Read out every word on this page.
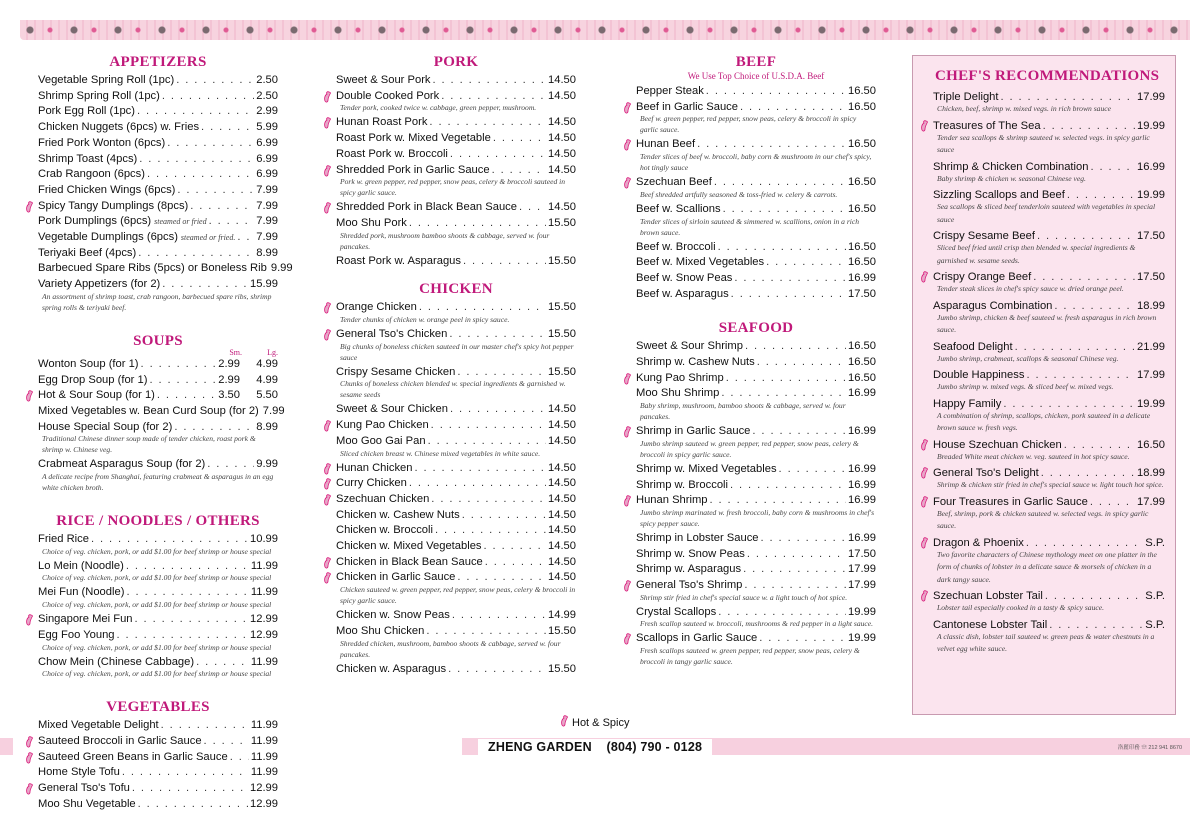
APPETIZERS
Vegetable Spring Roll (1pc) . . .	2.50
Shrimp Spring Roll (1pc) . . .	2.50
Pork Egg Roll (1pc) . . .	2.99
Chicken Nuggets (6pcs) w. Fries . . .	5.99
Fried Pork Wonton (6pcs) . . .	6.99
Shrimp Toast (4pcs) . . .	6.99
Crab Rangoon (6pcs) . . .	6.99
Fried Chicken Wings (6pcs) . . .	7.99
Spicy Tangy Dumplings (8pcs) . . .	7.99
Pork Dumplings (6pcs) steamed or fried . . .	7.99
Vegetable Dumplings (6pcs) steamed or fried. . . . 7.99
Teriyaki Beef (4pcs) . . .	8.99
Barbecued Spare Ribs (5pcs) or Boneless Rib 9.99
Variety Appetizers (for 2) . . .	15.99
An assortment of shrimp toast, crab rangoon, barbecued spare ribs, shrimp spring rolls & teriyaki beef.
SOUPS
Sm.	Lg.
Wonton Soup (for 1) . . .	2.99	4.99
Egg Drop Soup (for 1) . . .	2.99	4.99
Hot & Sour Soup (for 1) . . .	3.50	5.50
Mixed Vegetables w. Bean Curd Soup (for 2) 7.99
House Special Soup (for 2) . . .	8.99
Traditional Chinese dinner soup made of tender chicken, roast pork & shrimp w. Chinese veg.
Crabmeat Asparagus Soup (for 2) . . .	9.99
A delicate recipe from Shanghai, featuring crabmeat & asparagus in an egg white chicken broth.
RICE / NOODLES / OTHERS
Fried Rice . . .	10.99
Choice of veg. chicken, pork, or add $1.00 for beef shrimp or house special
Lo Mein (Noodle) . . .	11.99
Choice of veg. chicken, pork, or add $1.00 for beef shrimp or house special
Mei Fun (Noodle) . . .	11.99
Choice of veg. chicken, pork, or add $1.00 for beef shrimp or house special
Singapore Mei Fun . . .	12.99
Egg Foo Young . . .	12.99
Choice of veg. chicken, pork, or add $1.00 for beef shrimp or house special
Chow Mein (Chinese Cabbage) . . .	11.99
Choice of veg. chicken, pork, or add $1.00 for beef shrimp or house special
VEGETABLES
Mixed Vegetable Delight . . .	11.99
Sauteed Broccoli in Garlic Sauce . . .	11.99
Sauteed Green Beans in Garlic Sauce . . . 11.99
Home Style Tofu . . .	11.99
General Tso's Tofu . . .	12.99
Moo Shu Vegetable . . .	12.99
PORK
Sweet & Sour Pork . . .	14.50
Double Cooked Pork . . .	14.50
Tender pork, cooked twice w. cabbage, green pepper, mushroom.
Hunan Roast Pork . . .	14.50
Roast Pork w. Mixed Vegetable . . .	14.50
Roast Pork w. Broccoli . . .	14.50
Shredded Pork in Garlic Sauce . . .	14.50
Pork w. green pepper, red pepper, snow peas, celery & broccoli sauteed in spicy garlic sauce.
Shredded Pork in Black Bean Sauce . . .	14.50
Moo Shu Pork . . .	15.50
Shredded pork, mushroom bamboo shoots & cabbage, served w. four pancakes.
Roast Pork w. Asparagus . . .	15.50
CHICKEN
Orange Chicken . . .	15.50
Tender chunks of chicken w. orange peel in spicy sauce.
General Tso's Chicken . . .	15.50
Big chunks of boneless chicken sauteed in our master chef's spicy hot pepper sauce
Crispy Sesame Chicken . . .	15.50
Chunks of boneless chicken blended w. special ingredients & garnished w. sesame seeds
Sweet & Sour Chicken . . .	14.50
Kung Pao Chicken . . .	14.50
Moo Goo Gai Pan . . .	14.50
Sliced chicken breast w. Chinese mixed vegetables in white sauce.
Hunan Chicken . . .	14.50
Curry Chicken . . .	14.50
Szechuan Chicken . . .	14.50
Chicken w. Cashew Nuts . . .	14.50
Chicken w. Broccoli . . .	14.50
Chicken w. Mixed Vegetables . . .	14.50
Chicken in Black Bean Sauce . . .	14.50
Chicken in Garlic Sauce . . .	14.50
Chicken sauteed w. green pepper, red pepper, snow peas, celery & broccoli in spicy garlic sauce.
Chicken w. Snow Peas . . .	14.99
Moo Shu Chicken . . .	15.50
Shredded chicken, mushroom, bamboo shoots & cabbage, served w. four pancakes.
Chicken w. Asparagus . . .	15.50
BEEF
We Use Top Choice of U.S.D.A. Beef
Pepper Steak . . .	16.50
Beef in Garlic Sauce . . .	16.50
Beef w. green pepper, red pepper, snow peas, celery & broccoli in spicy garlic sauce.
Hunan Beef . . .	16.50
Tender slices of beef w. broccoli, baby corn & mushroom in our chef's spicy, hot tingly sauce
Szechuan Beef . . .	16.50
Beef shredded artfully seasoned & toss-fried w. celery & carrots.
Beef w. Scallions . . .	16.50
Tender slices of sirloin sauteed & simmered w. scallions, onion in a rich brown sauce.
Beef w. Broccoli . . .	16.50
Beef w. Mixed Vegetables . . .	16.50
Beef w. Snow Peas . . .	16.99
Beef w. Asparagus . . .	17.50
SEAFOOD
Sweet & Sour Shrimp . . .	16.50
Shrimp w. Cashew Nuts . . .	16.50
Kung Pao Shrimp . . .	16.50
Moo Shu Shrimp . . .	16.99
Baby shrimp, mushroom, bamboo shoots & cabbage, served w. four pancakes.
Shrimp in Garlic Sauce . . .	16.99
Jumbo shrimp sauteed w. green pepper, red pepper, snow peas, celery & broccoli in spicy garlic sauce.
Shrimp w. Mixed Vegetables . . .	16.99
Shrimp w. Broccoli . . .	16.99
Hunan Shrimp . . .	16.99
Jumbo shrimp marinated w. fresh broccoli, baby corn & mushrooms in chef's spicy pepper sauce.
Shrimp in Lobster Sauce . . .	16.99
Shrimp w. Snow Peas . . .	17.50
Shrimp w. Asparagus . . .	17.99
General Tso's Shrimp . . .	17.99
Shrimp stir fried in chef's special sauce w. a light touch of hot spice.
Crystal Scallops . . .	19.99
Fresh scallop sauteed w. broccoli, mushrooms & red pepper in a light sauce.
Scallops in Garlic Sauce . . .	19.99
Fresh scallops sauteed w. green pepper, red pepper, snow peas, celery & broccoli in tangy garlic sauce.
CHEF'S RECOMMENDATIONS
Triple Delight . . .	17.99
Chicken, beef, shrimp w. mixed vegs. in rich brown sauce
Treasures of The Sea . . .	19.99
Tender sea scallops & shrimp sauteed w. selected vegs. in spicy garlic sauce
Shrimp & Chicken Combination . . .	16.99
Baby shrimp & chicken w. seasonal Chinese veg.
Sizzling Scallops and Beef . . .	19.99
Sea scallops & sliced beef tenderloin sauteed with vegetables in special sauce
Crispy Sesame Beef . . .	17.50
Sliced beef fried until crisp then blended w. special ingredients & garnished w. sesame seeds.
Crispy Orange Beef . . .	17.50
Tender steak slices in chef's spicy sauce w. dried orange peel.
Asparagus Combination . . .	18.99
Jumbo shrimp, chicken & beef sauteed w. fresh asparagus in rich brown sauce.
Seafood Delight . . .	21.99
Jumbo shrimp, crabmeat, scallops & seasonal Chinese veg.
Double Happiness . . .	17.99
Jumbo shrimp w. mixed vegs. & sliced beef w. mixed vegs.
Happy Family . . .	19.99
A combination of shrimp, scallops, chicken, pork sauteed in a delicate brown sauce w. fresh vegs.
House Szechuan Chicken . . .	16.50
Breaded White meat chicken w. veg. sauteed in hot spicy sauce.
General Tso's Delight . . .	18.99
Shrimp & chicken stir fried in chef's special sauce w. light touch hot spice.
Four Treasures in Garlic Sauce . . .	17.99
Beef, shrimp, pork & chicken sauteed w. selected vegs. in spicy garlic sauce.
Dragon & Phoenix . . .	S.P.
Two favorite characters of Chinese mythology meet on one platter in the form of chunks of lobster in a delicate sauce & morsels of chicken in a dark tangy sauce.
Szechuan Lobster Tail . . .	S.P.
Lobster tail especially cooked in a tasty & spicy sauce.
Cantonese Lobster Tail . . .	S.P.
A classic dish, lobster tail sauteed w. green peas & water chestnuts in a velvet egg white sauce.
Hot & Spicy
ZHENG GARDEN (804) 790 - 0128	洛麗印務 ☏ 212 941 8670
